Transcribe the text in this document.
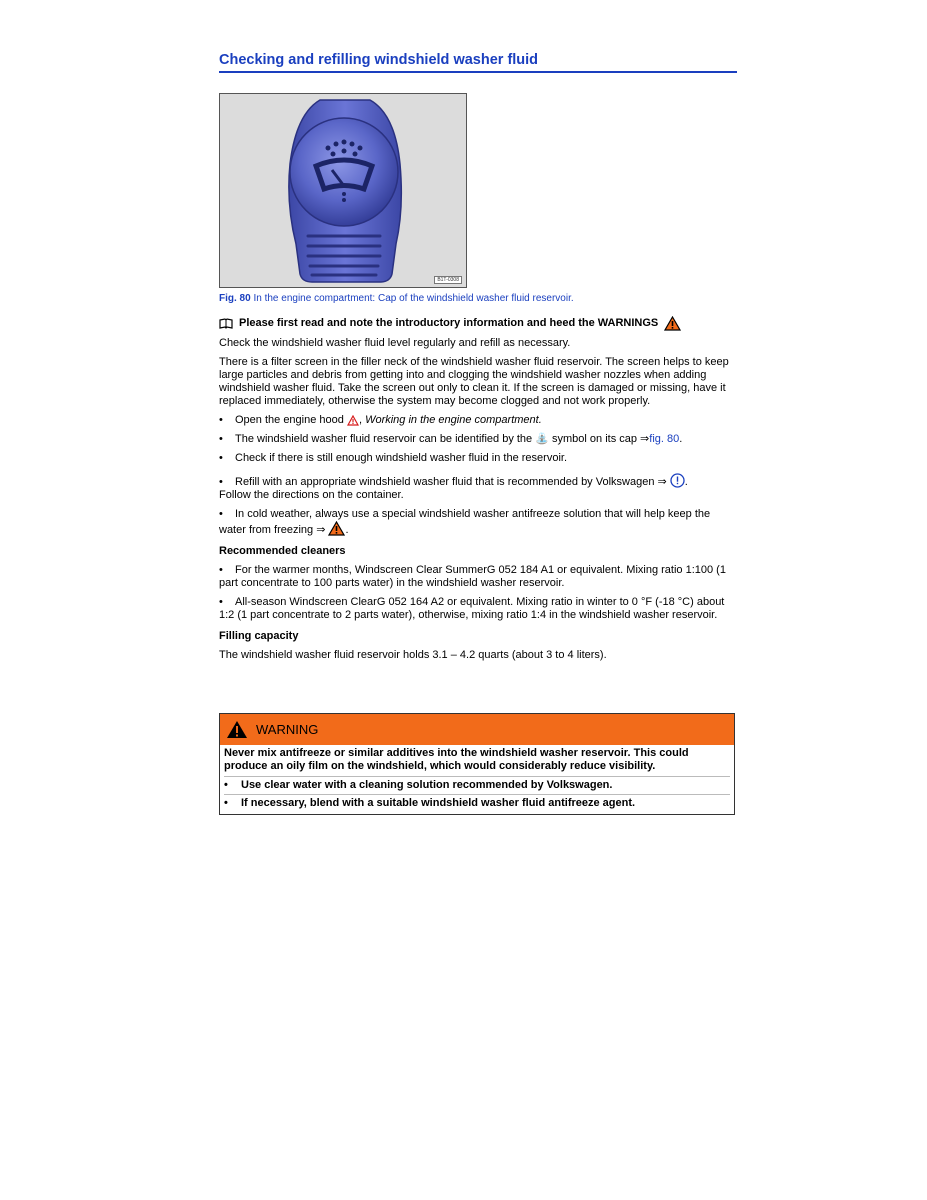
Checking and refilling windshield washer fluid
B1T-0308
Fig. 80 In the engine compartment: Cap of the windshield washer fluid reservoir.

Please first read and note the introductory information and heed the WARNINGS

Check the windshield washer fluid level regularly and refill as necessary.

There is a filter screen in the filler neck of the windshield washer fluid reservoir. The screen helps to keep large particles and debris from getting into and clogging the windshield washer nozzles when adding windshield washer fluid. Take the screen out only to clean it. If the screen is damaged or missing, have it replaced immediately, otherwise the system may become clogged and not work properly.

• Open the engine hood , Working in the engine compartment.

• The windshield washer fluid reservoir can be identified by the ⛲ symbol on its cap ⇒fig. 80.

• Check if there is still enough windshield washer fluid in the reservoir.

• Refill with an appropriate windshield washer fluid that is recommended by Volkswagen ⇒ .
Follow the directions on the container.

• In cold weather, always use a special windshield washer antifreeze solution that will help keep the water from freezing ⇒ .

Recommended cleaners

• For the warmer months, Windscreen Clear SummerG 052 184 A1 or equivalent. Mixing ratio 1:100 (1 part concentrate to 100 parts water) in the windshield washer reservoir.

• All-season Windscreen ClearG 052 164 A2 or equivalent. Mixing ratio in winter to 0 °F (-18 °C) about 1:2 (1 part concentrate to 2 parts water), otherwise, mixing ratio 1:4 in the windshield washer reservoir.

Filling capacity

The windshield washer fluid reservoir holds 3.1 – 4.2 quarts (about 3 to 4 liters).

WARNING

Never mix antifreeze or similar additives into the windshield washer reservoir. This could produce an oily film on the windshield, which would considerably reduce visibility.

•	Use clear water with a cleaning solution recommended by Volkswagen.
•	If necessary, blend with a suitable windshield washer fluid antifreeze agent.
